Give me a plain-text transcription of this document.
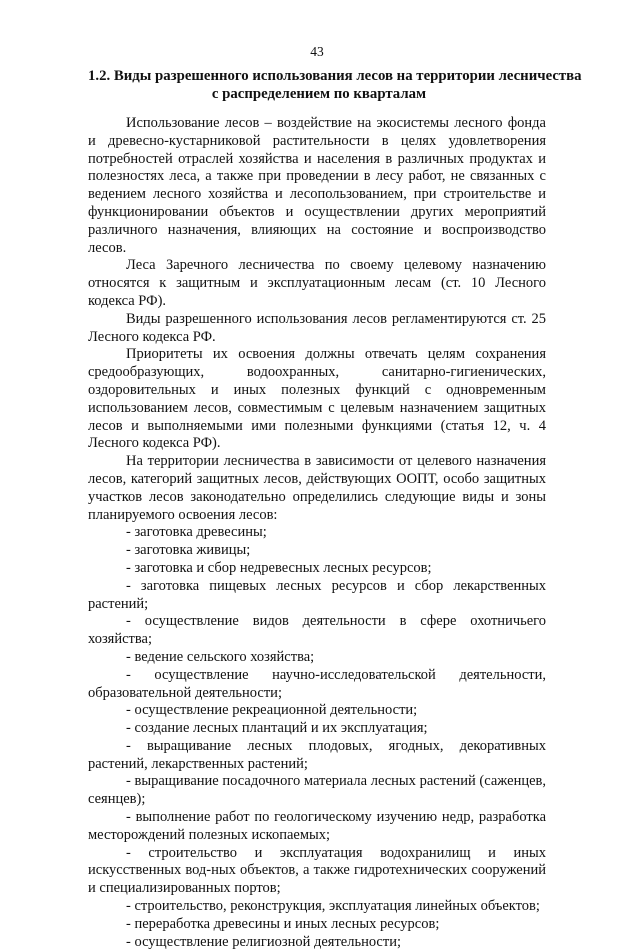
43
1.2. Виды разрешенного использования лесов на территории лесничества
с распределением по кварталам

Использование лесов – воздействие на экосистемы лесного фонда и древесно-кустарниковой растительности в целях удовлетворения потребностей отраслей хозяйства и населения в различных продуктах и полезностях леса, а также при проведении в лесу работ, не связанных с ведением лесного хозяйства и лесопользованием, при строительстве и функционировании объектов и осуществлении других мероприятий различного назначения, влияющих на состояние и воспроизводство лесов.

Леса Заречного лесничества по своему целевому назначению относятся к защитным и эксплуатационным лесам (ст. 10 Лесного кодекса РФ).

Виды разрешенного использования лесов регламентируются ст. 25 Лесного кодекса РФ.

Приоритеты их освоения должны отвечать целям сохранения средообразующих, водоохранных, санитарно-гигиенических, оздоровительных и иных полезных функций с одновременным использованием лесов, совместимым с целевым назначением защитных лесов и выполняемыми ими полезными функциями (статья 12, ч. 4 Лесного кодекса РФ).

На территории лесничества в зависимости от целевого назначения лесов, категорий защитных лесов, действующих ООПТ, особо защитных участков лесов законодательно определились следующие виды и зоны планируемого освоения лесов:

- заготовка древесины;

- заготовка живицы;

- заготовка и сбор недревесных лесных ресурсов;

- заготовка пищевых лесных ресурсов и сбор лекарственных растений;

- осуществление видов деятельности в сфере охотничьего хозяйства;

- ведение сельского хозяйства;

- осуществление научно-исследовательской деятельности, образовательной деятельности;

- осуществление рекреационной деятельности;

- создание лесных плантаций и их эксплуатация;

- выращивание лесных плодовых, ягодных, декоративных растений, лекарственных растений;

- выращивание посадочного материала лесных растений (саженцев, сеянцев);

- выполнение работ по геологическому изучению недр, разработка месторождений полезных ископаемых;

- строительство и эксплуатация водохранилищ и иных искусственных вод-ных объектов, а также гидротехнических сооружений и специализированных портов;

- строительство, реконструкция, эксплуатация линейных объектов;

- переработка древесины и иных лесных ресурсов;

- осуществление религиозной деятельности;
